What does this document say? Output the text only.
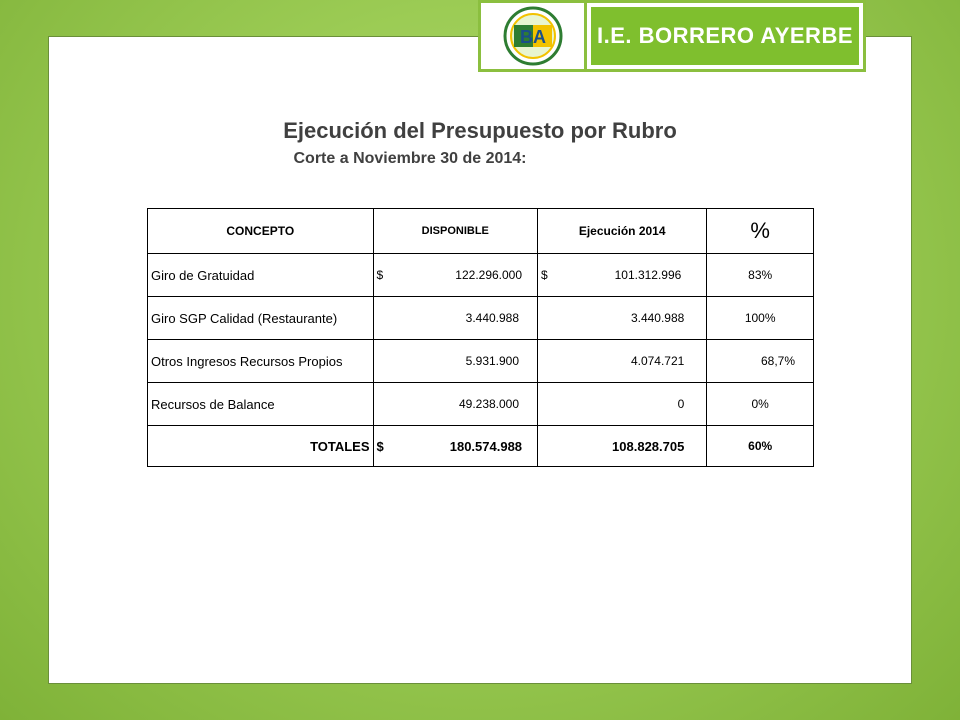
BA I.E. BORRERO AYERBE
Ejecución del Presupuesto por Rubro
Corte a Noviembre 30 de 2014:
CONCEPTO	DISPONIBLE	Ejecución 2014	%
Giro de Gratuidad	$ 122.296.000	$ 101.312.996	83%
Giro SGP Calidad (Restaurante)	3.440.988	3.440.988	100%
Otros Ingresos Recursos Propios	5.931.900	4.074.721	68,7%
Recursos de Balance	49.238.000	0	0%
TOTALES	$ 180.574.988	108.828.705	60%
